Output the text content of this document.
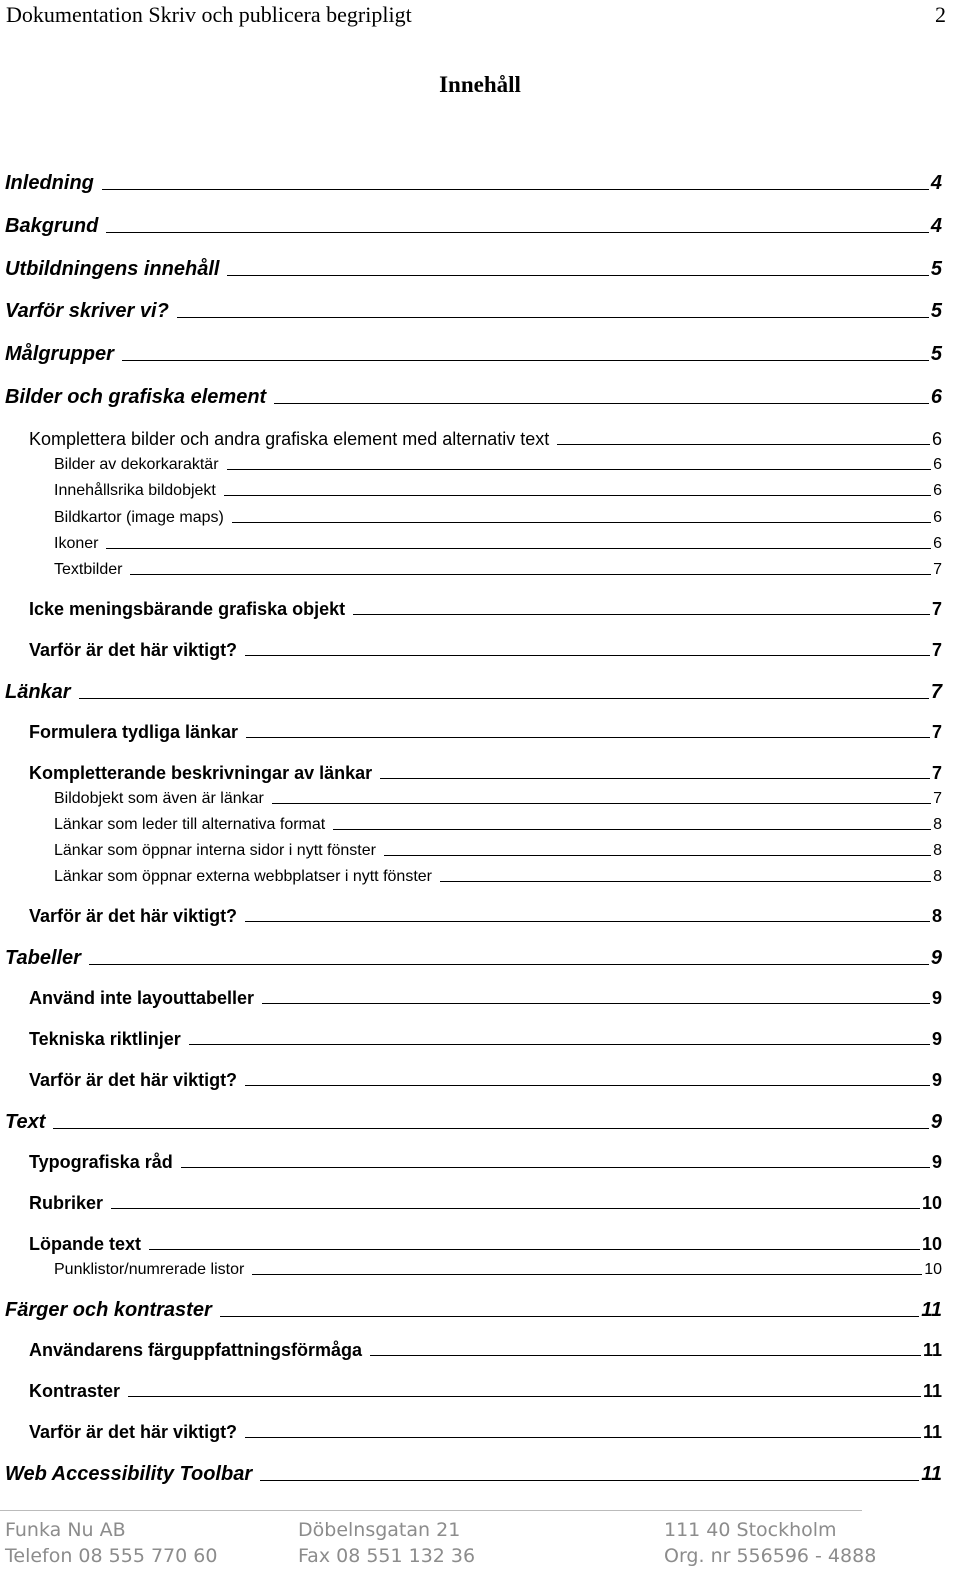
Dokumentation Skriv och publicera begripligt	2
Innehåll
Inledning	4
Bakgrund	4
Utbildningens innehåll	5
Varför skriver vi?	5
Målgrupper	5
Bilder och grafiska element	6
Komplettera bilder och andra grafiska element med alternativ text	6
Bilder av dekorkaraktär	6
Innehållsrika bildobjekt	6
Bildkartor (image maps)	6
Ikoner	6
Textbilder	7
Icke meningsbärande grafiska objekt	7
Varför är det här viktigt?	7
Länkar	7
Formulera tydliga länkar	7
Kompletterande beskrivningar av länkar	7
Bildobjekt som även är länkar	7
Länkar som leder till alternativa format	8
Länkar som öppnar interna sidor i nytt fönster	8
Länkar som öppnar externa webbplatser i nytt fönster	8
Varför är det här viktigt?	8
Tabeller	9
Använd inte layouttabeller	9
Tekniska riktlinjer	9
Varför är det här viktigt?	9
Text	9
Typografiska råd	9
Rubriker	10
Löpande text	10
Punklistor/numrerade listor	10
Färger och kontraster	11
Användarens färguppfattningsförmåga	11
Kontraster	11
Varför är det här viktigt?	11
Web Accessibility Toolbar	11
Funka Nu AB
Telefon 08 555 770 60
Döbelnsgatan 21
Fax 08 551 132 36
111 40 Stockholm
Org. nr 556596 - 4888
